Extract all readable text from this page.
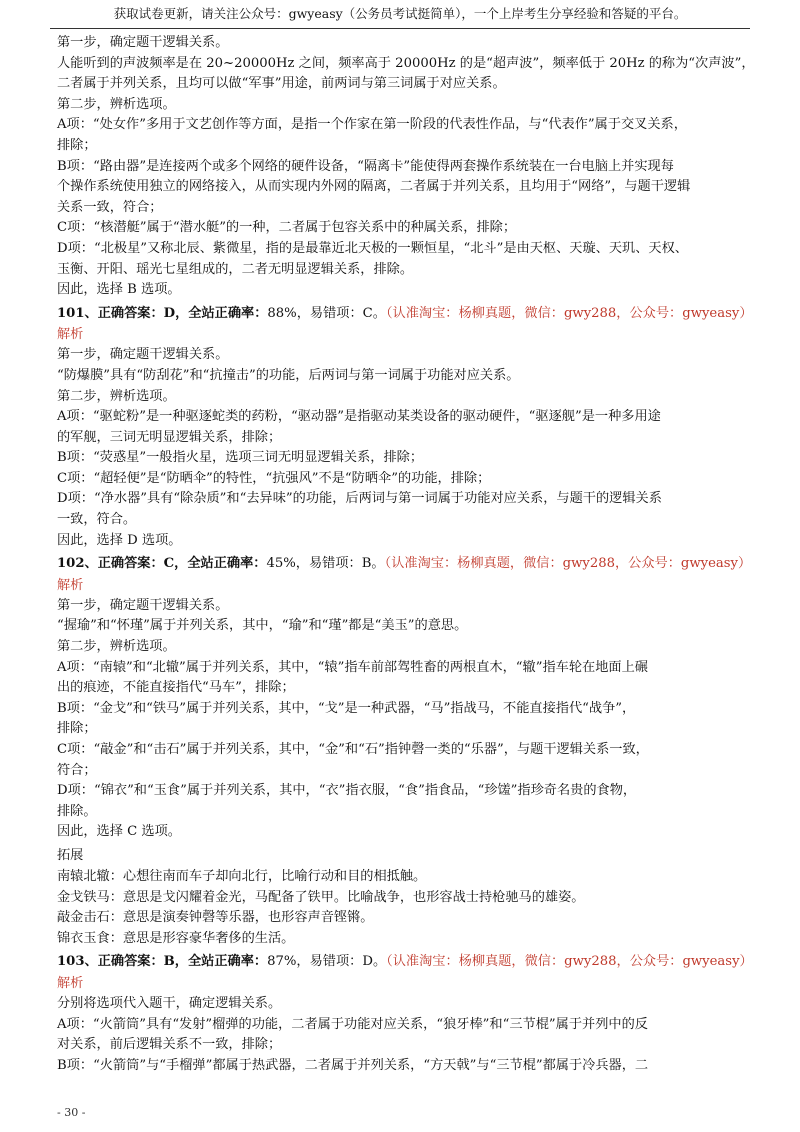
获取试卷更新，请关注公众号：gwyeasy（公务员考试挺简单），一个上岸考生分享经验和答疑的平台。
第一步，确定题干逻辑关系。
人能听到的声波频率是在 20~20000Hz 之间，频率高于 20000Hz 的是“超声波”，频率低于 20Hz 的称为“次声波”，
二者属于并列关系，且均可以做“军事”用途，前两词与第三词属于对应关系。
第二步，辨析选项。
A项：“处女作”多用于文艺创作等方面，是指一个作家在第一阶段的代表性作品，与“代表作”属于交叉关系，
排除；
B项：“路由器”是连接两个或多个网络的硬件设备，“隔离卡”能使得两套操作系统装在一台电脑上并实现每
个操作系统使用独立的网络接入，从而实现内外网的隔离，二者属于并列关系，且均用于“网络”，与题干逻辑
关系一致，符合；
C项：“核潜艇”属于“潜水艇”的一种，二者属于包容关系中的种属关系，排除；
D项：“北极星”又称北辰、紫微星，指的是最靠近北天极的一颗恒星，“北斗”是由天枢、天璇、天玑、天权、
玉衡、开阳、瑶光七星组成的，二者无明显逻辑关系，排除。
因此，选择 B 选项。
101、正确答案：D，全站正确率：88%，易错项：C。（认准淘宝：杨柳真题，微信：gwy288，公众号：gwyeasy）
解析
第一步，确定题干逻辑关系。
“防爆膜”具有“防刮花”和“抗撞击”的功能，后两词与第一词属于功能对应关系。
第二步，辨析选项。
A项：“驱蛇粉”是一种驱逐蛇类的药粉，“驱动器”是指驱动某类设备的驱动硬件，“驱逐舰”是一种多用途
的军舰，三词无明显逻辑关系，排除；
B项：“荧惑星”一般指火星，选项三词无明显逻辑关系，排除；
C项：“超轻便”是“防晒伞”的特性，“抗强风”不是“防晒伞”的功能，排除；
D项：“净水器”具有“除杂质”和“去异味”的功能，后两词与第一词属于功能对应关系，与题干的逻辑关系
一致，符合。
因此，选择 D 选项。
102、正确答案：C，全站正确率：45%，易错项：B。（认准淘宝：杨柳真题，微信：gwy288，公众号：gwyeasy）
解析
第一步，确定题干逻辑关系。
“握瑜”和“怀瑾”属于并列关系，其中，“瑜”和“瑾”都是“美玉”的意思。
第二步，辨析选项。
A项：“南辕”和“北辙”属于并列关系，其中，“辕”指车前部驾牲畜的两根直木，“辙”指车轮在地面上碾
出的痕迹，不能直接指代“马车”，排除；
B项：“金戈”和“铁马”属于并列关系，其中，“戈”是一种武器，“马”指战马，不能直接指代“战争”，
排除；
C项：“敲金”和“击石”属于并列关系，其中，“金”和“石”指钟磬一类的“乐器”，与题干逻辑关系一致，
符合；
D项：“锦衣”和“玉食”属于并列关系，其中，“衣”指衣服，“食”指食品，“珍馐”指珍奇名贵的食物，
排除。
因此，选择 C 选项。
拓展
南辕北辙：心想往南而车子却向北行，比喻行动和目的相抵触。
金戈铁马：意思是戈闪耀着金光，马配备了铁甲。比喻战争，也形容战士持枪驰马的雄姿。
敲金击石：意思是演奏钟磬等乐器，也形容声音铿锵。
锦衣玉食：意思是形容豪华奢侈的生活。
103、正确答案：B，全站正确率：87%，易错项：D。（认准淘宝：杨柳真题，微信：gwy288，公众号：gwyeasy）
解析
分别将选项代入题干，确定逻辑关系。
A项：“火箭筒”具有“发射”榴弹的功能，二者属于功能对应关系，“狼牙棒”和“三节棍”属于并列中的反
对关系，前后逻辑关系不一致，排除；
B项：“火箭筒”与“手榴弹”都属于热武器，二者属于并列关系，“方天戟”与“三节棍”都属于冷兵器，二
- 30 -
